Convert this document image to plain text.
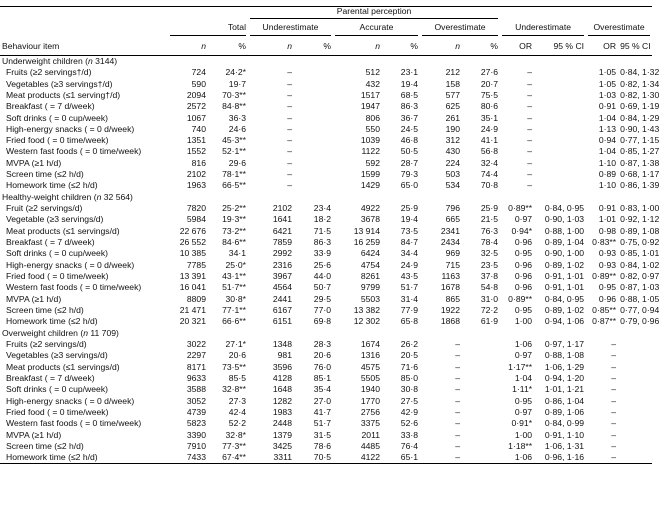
			Parental perception									

	Total		Underestimate		Accurate		Overestimate		Underestimate		Overestimate	

Behaviour item	n	%	n	%	n	%	n	%	OR	95 % CI	OR	95 % CI
Underweight children (n 3144)												
Fruits (≥2 servings†/d)	724	24·2*	–		512	23·1	212	27·6	–		1·05	0·84, 1·32
Vegetables (≥3 servings†/d)	590	19·7	–		432	19·4	158	20·7	–		1·05	0·82, 1·34
Meat products (≤1 serving†/d)	2094	70·3**	–		1517	68·5	577	75·5	–		1·03	0·82, 1·30
Breakfast ( = 7 d/week)	2572	84·8**	–		1947	86·3	625	80·6	–		0·91	0·69, 1·19
Soft drinks ( = 0 cup/week)	1067	36·3	–		806	36·7	261	35·1	–		1·04	0·84, 1·29
High-energy snacks ( = 0 d/week)	740	24·6	–		550	24·5	190	24·9	–		1·13	0·90, 1·43
Fried food ( = 0 time/week)	1351	45·3**	–		1039	46·8	312	41·1	–		0·94	0·77, 1·15
Western fast foods ( = 0 time/week)	1552	52·1**	–		1122	50·5	430	56·8	–		1·04	0·85, 1·27
MVPA (≥1 h/d)	816	29·6	–		592	28·7	224	32·4	–		1·10	0·87, 1·38
Screen time (≤2 h/d)	2102	78·1**	–		1599	79·3	503	74·4	–		0·89	0·68, 1·17
Homework time (≤2 h/d)	1963	66·5**	–		1429	65·0	534	70·8	–		1·10	0·86, 1·39
Healthy-weight children (n 32 564)												
Fruit (≥2 servings/d)	7820	25·2**	2102	23·4	4922	25·9	796	25·9	0·89**	0·84, 0·95	0·91	0·83, 1·00
Vegetable (≥3 servings/d)	5984	19·3**	1641	18·2	3678	19·4	665	21·5	0·97	0·90, 1·03	1·01	0·92, 1·12
Meat products (≤1 servings/d)	22 676	73·2**	6421	71·5	13 914	73·5	2341	76·3	0·94*	0·88, 1·00	0·98	0·89, 1·08
Breakfast ( = 7 d/week)	26 552	84·6**	7859	86·3	16 259	84·7	2434	78·4	0·96	0·89, 1·04	0·83**	0·75, 0·92
Soft drinks ( = 0 cup/week)	10 385	34·1	2992	33·9	6424	34·4	969	32·5	0·95	0·90, 1·00	0·93	0·85, 1·01
High-energy snacks ( = 0 d/week)	7785	25·0*	2316	25·6	4754	24·9	715	23·5	0·96	0·89, 1·02	0·93	0·84, 1·02
Fried food ( = 0 time/week)	13 391	43·1**	3967	44·0	8261	43·5	1163	37·8	0·96	0·91, 1·01	0·89**	0·82, 0·97
Western fast foods ( = 0 time/week)	16 041	51·7**	4564	50·7	9799	51·7	1678	54·8	0·96	0·91, 1·01	0·95	0·87, 1·03
MVPA (≥1 h/d)	8809	30·8*	2441	29·5	5503	31·4	865	31·0	0·89**	0·84, 0·95	0·96	0·88, 1·05
Screen time (≤2 h/d)	21 471	77·1**	6167	77·0	13 382	77·9	1922	72·2	0·95	0·89, 1·02	0·85**	0·77, 0·94
Homework time (≤2 h/d)	20 321	66·6**	6151	69·8	12 302	65·8	1868	61·9	1·00	0·94, 1·06	0·87**	0·79, 0·96
Overweight children (n 11 709)												
Fruits (≥2 servings/d)	3022	27·1*	1348	28·3	1674	26·2	–		1·06	0·97, 1·17	–	
Vegetables (≥3 servings/d)	2297	20·6	981	20·6	1316	20·5	–		0·97	0·88, 1·08	–	
Meat products (≤1 servings/d)	8171	73·5**	3596	76·0	4575	71·6	–		1·17**	1·06, 1·29	–	
Breakfast ( = 7 d/week)	9633	85·5	4128	85·1	5505	85·0	–		1·04	0·94, 1·20	–	
Soft drinks ( = 0 cup/week)	3588	32·8**	1648	35·4	1940	30·8	–		1·11*	1·01, 1·21	–	
High-energy snacks ( = 0 d/week)	3052	27·3	1282	27·0	1770	27·5	–		0·95	0·86, 1·04	–	
Fried food ( = 0 time/week)	4739	42·4	1983	41·7	2756	42·9	–		0·97	0·89, 1·06	–	
Western fast foods ( = 0 time/week)	5823	52·2	2448	51·7	3375	52·6	–		0·91*	0·84, 0·99	–	
MVPA (≥1 h/d)	3390	32·8*	1379	31·5	2011	33·8	–		1·00	0·91, 1·10	–	
Screen time (≤2 h/d)	7910	77·3**	3425	78·6	4485	76·4	–		1·18**	1·06, 1·31	–	
Homework time (≤2 h/d)	7433	67·4**	3311	70·5	4122	65·1	–		1·06	0·96, 1·16	–	
